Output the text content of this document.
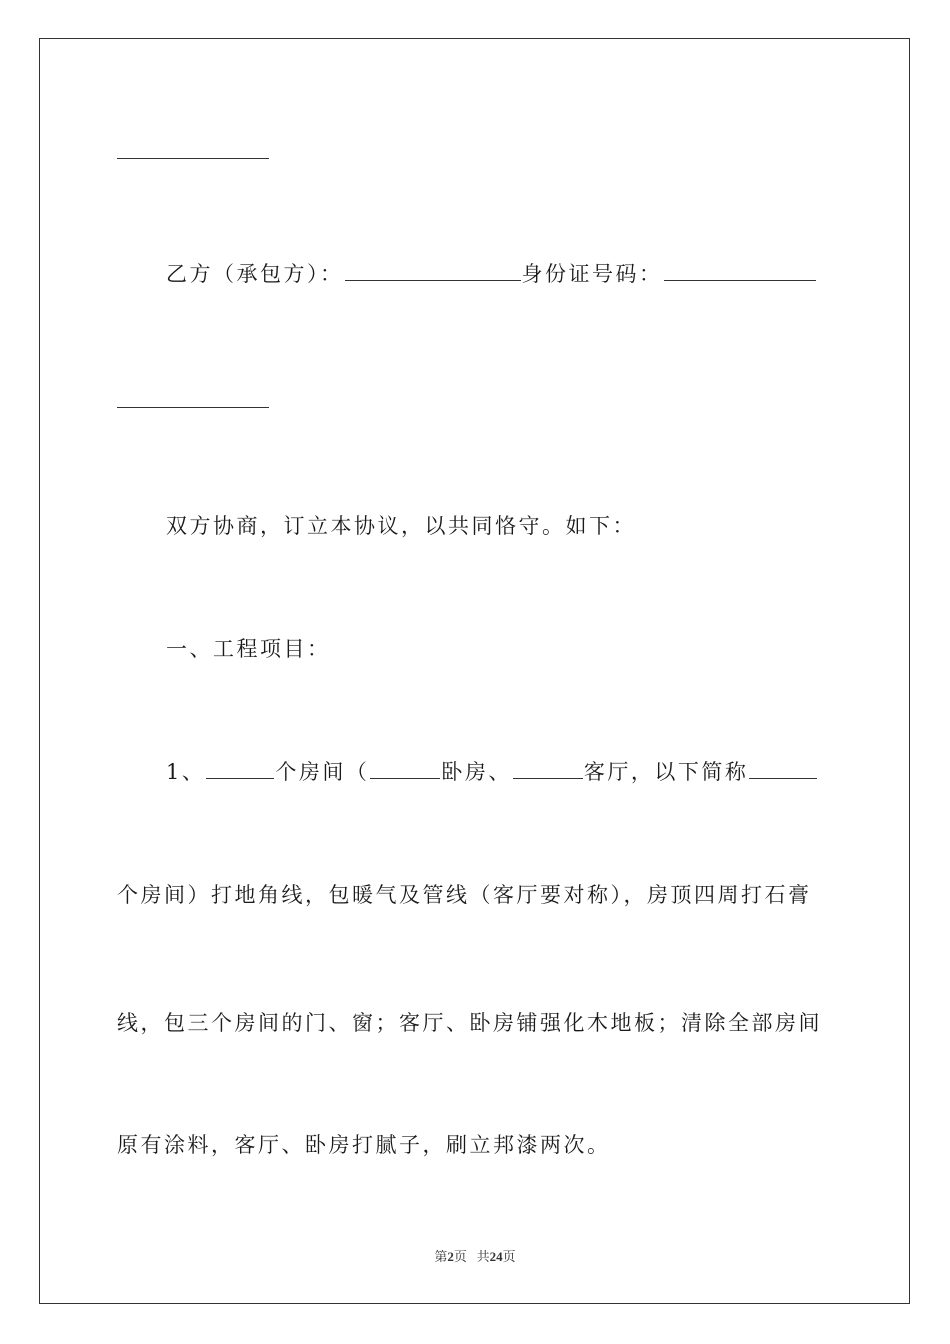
乙方（承包方）：	身份证号码：
双方协商，订立本协议，以共同恪守。如下：
一、工程项目：
1、	个房间（	卧房、	客厅，以下简称
个房间）打地角线，包暖气及管线（客厅要对称），房顶四周打石膏
线，包三个房间的门、窗；客厅、卧房铺强化木地板；清除全部房间
原有涂料，客厅、卧房打腻子，刷立邦漆两次。
第2页 共24页
